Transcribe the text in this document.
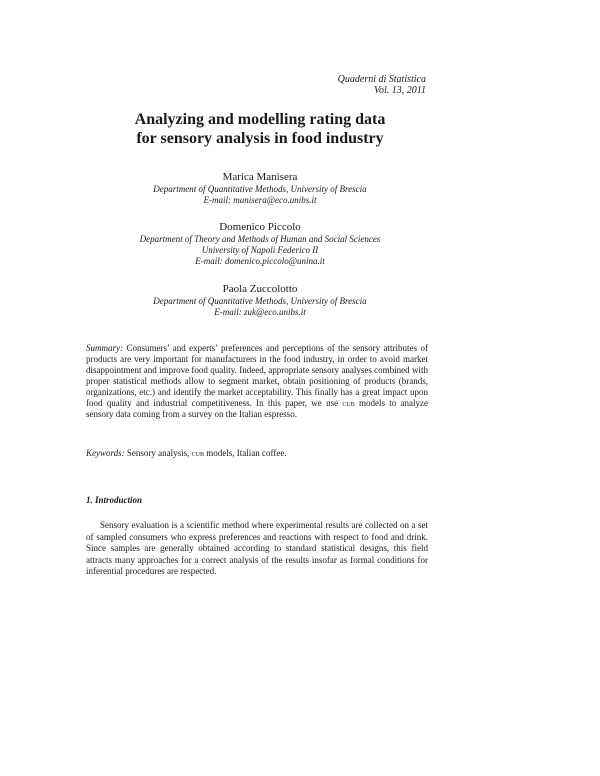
Quaderni di Statistica
Vol. 13, 2011
Analyzing and modelling rating data
for sensory analysis in food industry
Marica Manisera
Department of Quantitative Methods, University of Brescia
E-mail: manisera@eco.unibs.it
Domenico Piccolo
Department of Theory and Methods of Human and Social Sciences
University of Napoli Federico II
E-mail: domenico.piccolo@unina.it
Paola Zuccolotto
Department of Quantitative Methods, University of Brescia
E-mail: zuk@eco.unibs.it
Summary: Consumers’ and experts’ preferences and perceptions of the sensory attributes of products are very important for manufacturers in the food industry, in order to avoid market disappointment and improve food quality. Indeed, appropriate sensory analyses combined with proper statistical methods allow to segment market, obtain positioning of products (brands, organizations, etc.) and identify the market acceptability. This finally has a great impact upon food quality and industrial competitiveness. In this paper, we use cub models to analyze sensory data coming from a survey on the Italian espresso.
Keywords: Sensory analysis, cub models, Italian coffee.
1. Introduction

Sensory evaluation is a scientific method where experimental results are collected on a set of sampled consumers who express preferences and reactions with respect to food and drink. Since samples are generally obtained according to standard statistical designs, this field attracts many approaches for a correct analysis of the results insofar as formal conditions for inferential procedures are respected.
